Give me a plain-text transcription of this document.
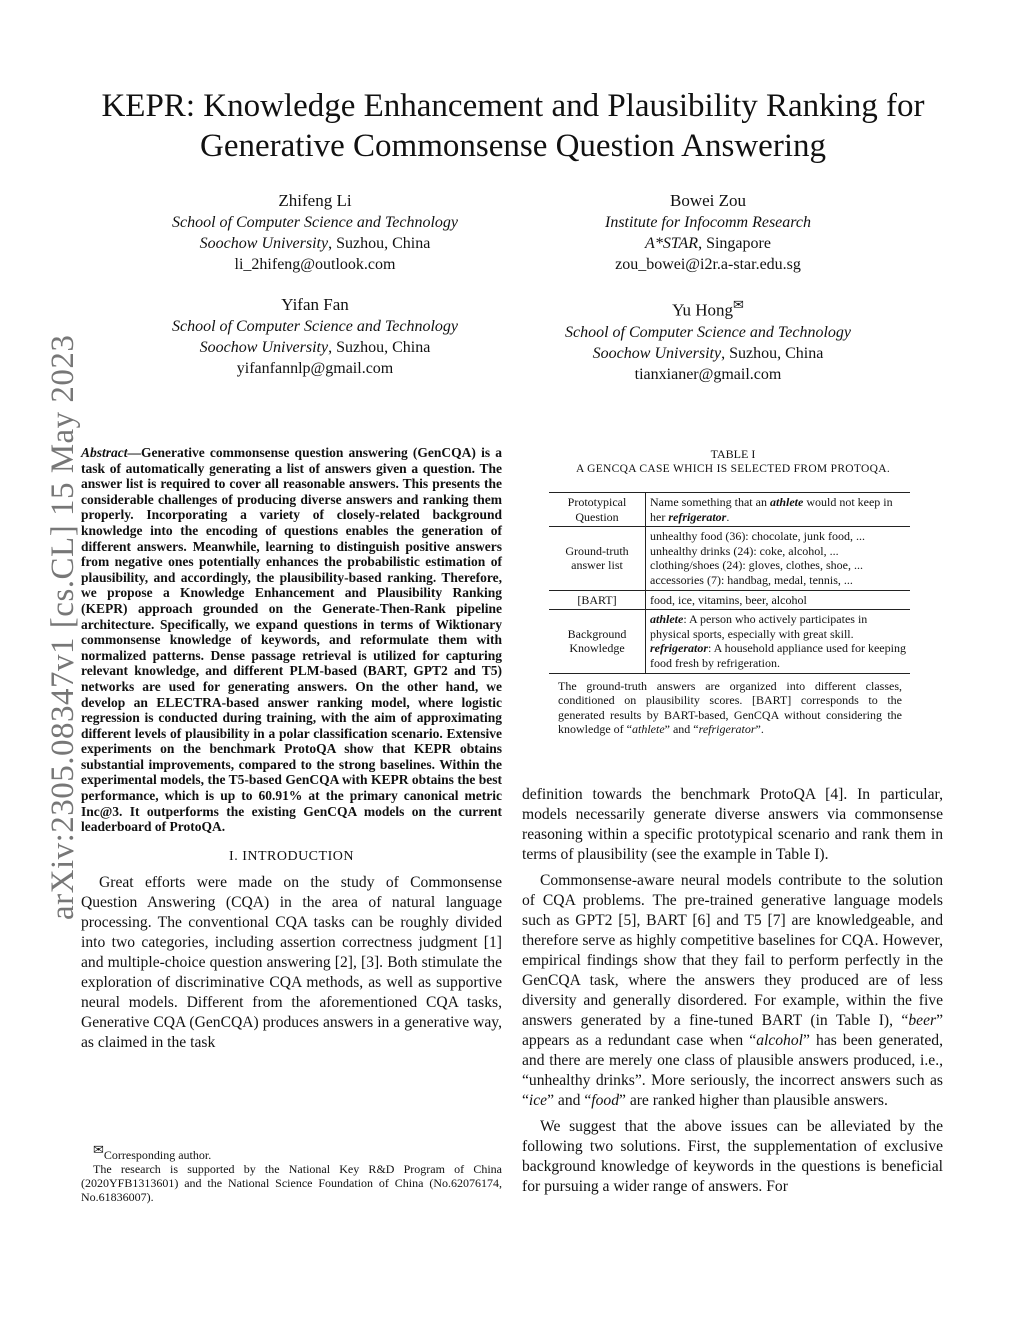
arXiv:2305.08347v1 [cs.CL] 15 May 2023
KEPR: Knowledge Enhancement and Plausibility Ranking for Generative Commonsense Question Answering
Zhifeng Li
School of Computer Science and Technology
Soochow University, Suzhou, China
li_2hifeng@outlook.com
Bowei Zou
Institute for Infocomm Research
A*STAR, Singapore
zou_bowei@i2r.a-star.edu.sg
Yifan Fan
School of Computer Science and Technology
Soochow University, Suzhou, China
yifanfannlp@gmail.com
Yu Hong✉
School of Computer Science and Technology
Soochow University, Suzhou, China
tianxianer@gmail.com
Abstract—Generative commonsense question answering (GenCQA) is a task of automatically generating a list of answers given a question. The answer list is required to cover all reasonable answers. This presents the considerable challenges of producing diverse answers and ranking them properly. Incorporating a variety of closely-related background knowledge into the encoding of questions enables the generation of different answers. Meanwhile, learning to distinguish positive answers from negative ones potentially enhances the probabilistic estimation of plausibility, and accordingly, the plausibility-based ranking. Therefore, we propose a Knowledge Enhancement and Plausibility Ranking (KEPR) approach grounded on the Generate-Then-Rank pipeline architecture. Specifically, we expand questions in terms of Wiktionary commonsense knowledge of keywords, and reformulate them with normalized patterns. Dense passage retrieval is utilized for capturing relevant knowledge, and different PLM-based (BART, GPT2 and T5) networks are used for generating answers. On the other hand, we develop an ELECTRA-based answer ranking model, where logistic regression is conducted during training, with the aim of approximating different levels of plausibility in a polar classification scenario. Extensive experiments on the benchmark ProtoQA show that KEPR obtains substantial improvements, compared to the strong baselines. Within the experimental models, the T5-based GenCQA with KEPR obtains the best performance, which is up to 60.91% at the primary canonical metric Inc@3. It outperforms the existing GenCQA models on the current leaderboard of ProtoQA.
I. INTRODUCTION

Great efforts were made on the study of Commonsense Question Answering (CQA) in the area of natural language processing. The conventional CQA tasks can be roughly divided into two categories, including assertion correctness judgment [1] and multiple-choice question answering [2], [3]. Both stimulate the exploration of discriminative CQA methods, as well as supportive neural models. Different from the aforementioned CQA tasks, Generative CQA (GenCQA) produces answers in a generative way, as claimed in the task

✉Corresponding author.

The research is supported by the National Key R&D Program of China (2020YFB1313601) and the National Science Foundation of China (No.62076174, No.61836007).

TABLE I
A GENCQA CASE WHICH IS SELECTED FROM PROTOQA.
Prototypical Question	Name something that an athlete would not keep in her refrigerator.
Ground-truth answer list	unhealthy food (36): chocolate, junk food, ...
unhealthy drinks (24): coke, alcohol, ...
clothing/shoes (24): gloves, clothes, shoe, ...
accessories (7): handbag, medal, tennis, ...

[BART]	food, ice, vitamins, beer, alcohol
Background Knowledge	athlete: A person who actively participates in physical sports, especially with great skill.
refrigerator: A household appliance used for keeping food fresh by refrigeration.
The ground-truth answers are organized into different classes, conditioned on plausibility scores. [BART] corresponds to the generated results by BART-based, GenCQA without considering the knowledge of “athlete” and “refrigerator”.

definition towards the benchmark ProtoQA [4]. In particular, models necessarily generate diverse answers via commonsense reasoning within a specific prototypical scenario and rank them in terms of plausibility (see the example in Table I).

Commonsense-aware neural models contribute to the solution of CQA problems. The pre-trained generative language models such as GPT2 [5], BART [6] and T5 [7] are knowledgeable, and therefore serve as highly competitive baselines for CQA. However, empirical findings show that they fail to perform perfectly in the GenCQA task, where the answers they produced are of less diversity and generally disordered. For example, within the five answers generated by a fine-tuned BART (in Table I), “beer” appears as a redundant case when “alcohol” has been generated, and there are merely one class of plausible answers produced, i.e., “unhealthy drinks”. More seriously, the incorrect answers such as “ice” and “food” are ranked higher than plausible answers.

We suggest that the above issues can be alleviated by the following two solutions. First, the supplementation of exclusive background knowledge of keywords in the questions is beneficial for pursuing a wider range of answers. For
